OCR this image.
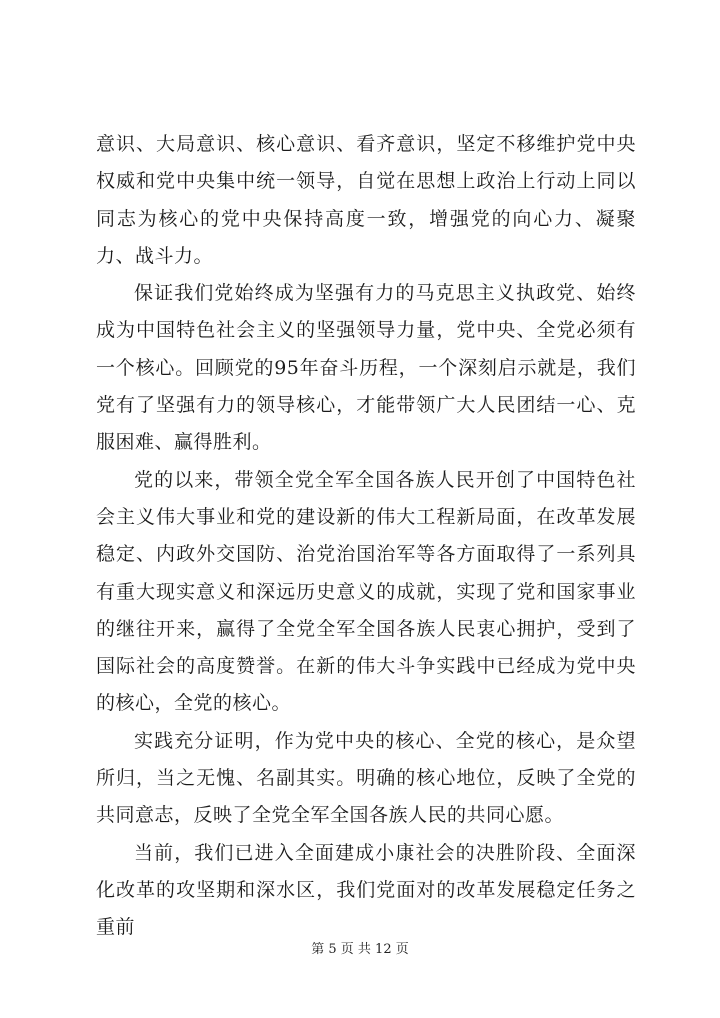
意识、大局意识、核心意识、看齐意识，坚定不移维护党中央权威和党中央集中统一领导，自觉在思想上政治上行动上同以同志为核心的党中央保持高度一致，增强党的向心力、凝聚力、战斗力。

保证我们党始终成为坚强有力的马克思主义执政党、始终成为中国特色社会主义的坚强领导力量，党中央、全党必须有一个核心。回顾党的95年奋斗历程，一个深刻启示就是，我们党有了坚强有力的领导核心，才能带领广大人民团结一心、克服困难、赢得胜利。

党的以来，带领全党全军全国各族人民开创了中国特色社会主义伟大事业和党的建设新的伟大工程新局面，在改革发展稳定、内政外交国防、治党治国治军等各方面取得了一系列具有重大现实意义和深远历史意义的成就，实现了党和国家事业的继往开来，赢得了全党全军全国各族人民衷心拥护，受到了国际社会的高度赞誉。在新的伟大斗争实践中已经成为党中央的核心，全党的核心。

实践充分证明，作为党中央的核心、全党的核心，是众望所归，当之无愧、名副其实。明确的核心地位，反映了全党的共同意志，反映了全党全军全国各族人民的共同心愿。

当前，我们已进入全面建成小康社会的决胜阶段、全面深化改革的攻坚期和深水区，我们党面对的改革发展稳定任务之重前

第 5 页 共 12 页
